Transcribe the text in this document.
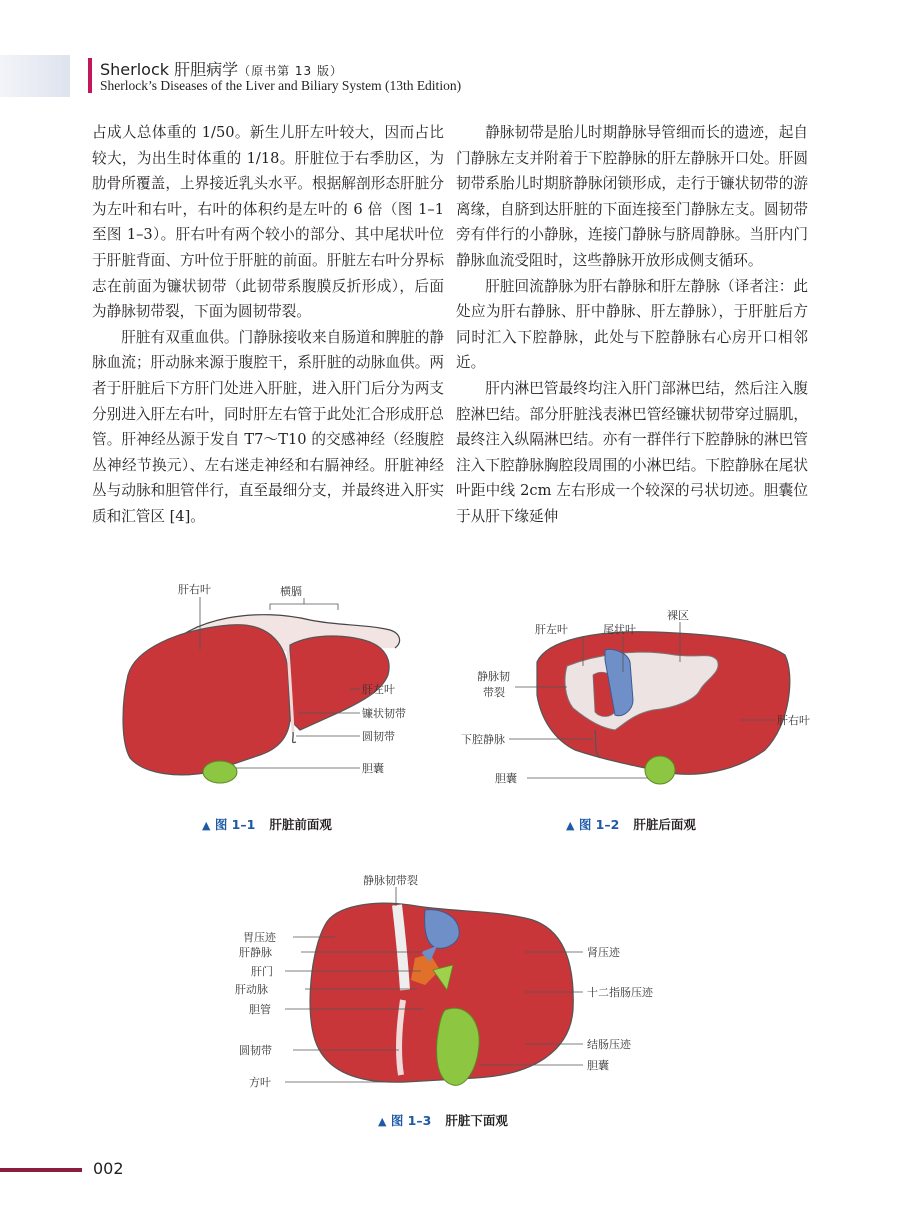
Sherlock 肝胆病学（原书第 13 版）
Sherlock’s Diseases of the Liver and Biliary System (13th Edition)

占成人总体重的 1/50。新生儿肝左叶较大，因而占比较大，为出生时体重的 1/18。肝脏位于右季肋区，为肋骨所覆盖，上界接近乳头水平。根据解剖形态肝脏分为左叶和右叶，右叶的体积约是左叶的 6 倍（图 1–1 至图 1–3）。肝右叶有两个较小的部分、其中尾状叶位于肝脏背面、方叶位于肝脏的前面。肝脏左右叶分界标志在前面为镰状韧带（此韧带系腹膜反折形成），后面为静脉韧带裂，下面为圆韧带裂。

肝脏有双重血供。门静脉接收来自肠道和脾脏的静脉血流；肝动脉来源于腹腔干，系肝脏的动脉血供。两者于肝脏后下方肝门处进入肝脏，进入肝门后分为两支分别进入肝左右叶，同时肝左右管于此处汇合形成肝总管。肝神经丛源于发自 T7～T10 的交感神经（经腹腔丛神经节换元）、左右迷走神经和右膈神经。肝脏神经丛与动脉和胆管伴行，直至最细分支，并最终进入肝实质和汇管区 [4]。

静脉韧带是胎儿时期静脉导管细而长的遗迹，起自门静脉左支并附着于下腔静脉的肝左静脉开口处。肝圆韧带系胎儿时期脐静脉闭锁形成，走行于镰状韧带的游离缘，自脐到达肝脏的下面连接至门静脉左支。圆韧带旁有伴行的小静脉，连接门静脉与脐周静脉。当肝内门静脉血流受阻时，这些静脉开放形成侧支循环。

肝脏回流静脉为肝右静脉和肝左静脉（译者注：此处应为肝右静脉、肝中静脉、肝左静脉），于肝脏后方同时汇入下腔静脉，此处与下腔静脉右心房开口相邻近。

肝内淋巴管最终均注入肝门部淋巴结，然后注入腹腔淋巴结。部分肝脏浅表淋巴管经镰状韧带穿过膈肌，最终注入纵隔淋巴结。亦有一群伴行下腔静脉的淋巴管注入下腔静脉胸腔段周围的小淋巴结。下腔静脉在尾状叶距中线 2cm 左右形成一个较深的弓状切迹。胆囊位于从肝下缘延伸

肝右叶	横膈
肝左叶
镰状韧带
圆韧带
胆囊
▲ 图 1–1 肝脏前面观
肝左叶	尾状叶
裸区
静脉韧
带裂
下腔静脉
肝右叶
胆囊
▲ 图 1–2 肝脏后面观
静脉韧带裂
胃压迹
肝静脉
肝门
肝动脉
胆管
圆韧带
方叶
肾压迹
十二指肠压迹
结肠压迹
胆囊
▲ 图 1–3 肝脏下面观
002
